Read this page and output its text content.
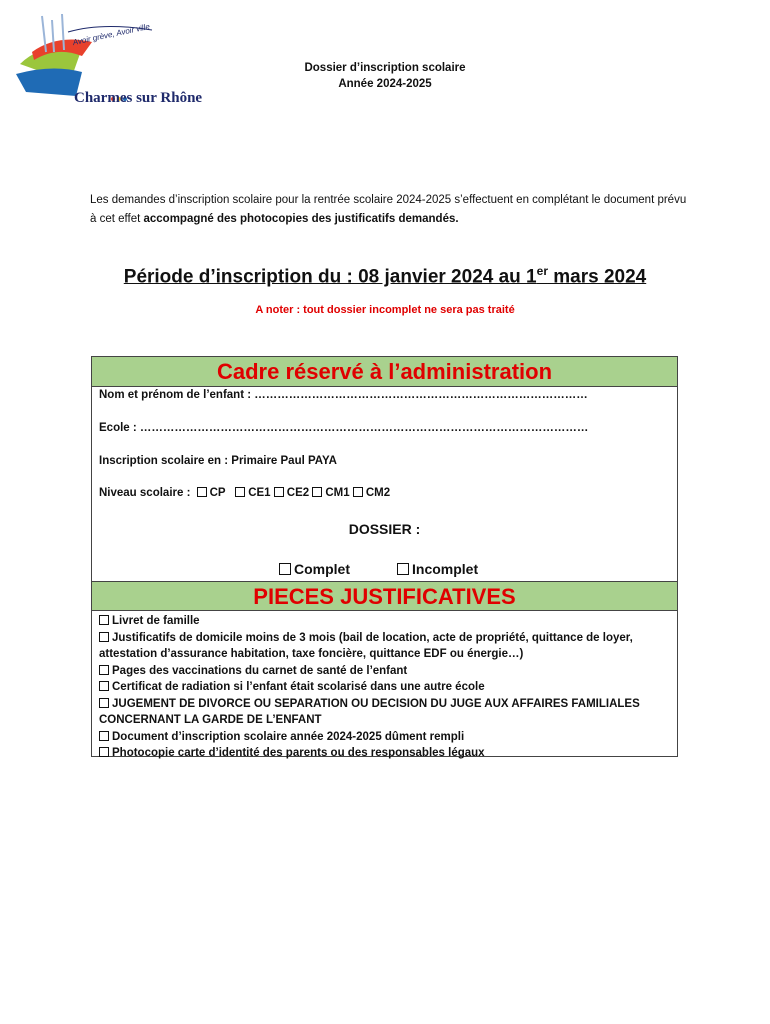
Charmes sur Rhône
Avoir grève, Avoir ville
Dossier d’inscription scolaire
Année 2024-2025
Les demandes d’inscription scolaire pour la rentrée scolaire 2024-2025 s’effectuent en complétant le document prévu à cet effet accompagné des photocopies des justificatifs demandés.
Période d’inscription du : 08 janvier 2024 au 1er mars 2024
A noter : tout dossier incomplet ne sera pas traité
Cadre réservé à l’administration
Nom et prénom de l’enfant : ……………………………………………………………………………
Ecole : ………………………………………………………………………………………………………
Inscription scolaire en : Primaire Paul PAYA
Niveau scolaire : CP CE1 CE2 CM1 CM2
DOSSIER :
Complet	Incomplet
PIECES JUSTIFICATIVES
Livret de famille
Justificatifs de domicile moins de 3 mois (bail de location, acte de propriété, quittance de loyer, attestation d’assurance habitation, taxe foncière, quittance EDF ou énergie…)
Pages des vaccinations du carnet de santé de l’enfant
Certificat de radiation si l’enfant était scolarisé dans une autre école
JUGEMENT DE DIVORCE OU SEPARATION OU DECISION DU JUGE AUX AFFAIRES FAMILIALES CONCERNANT LA GARDE DE L’ENFANT
Document d’inscription scolaire année 2024-2025 dûment rempli
Photocopie carte d’identité des parents ou des responsables légaux
